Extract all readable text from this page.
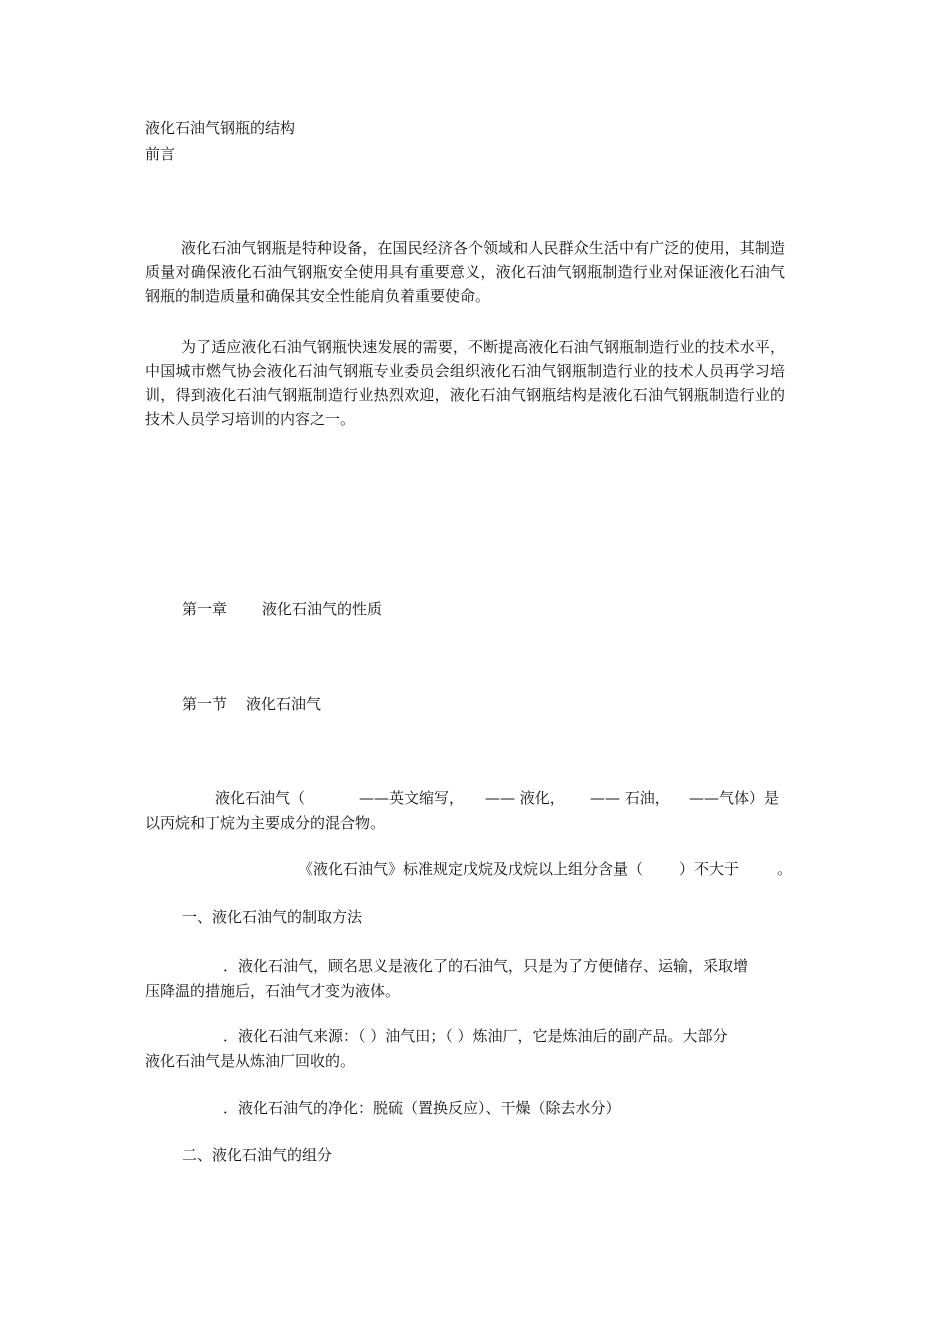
液化石油气钢瓶的结构
前言
液化石油气钢瓶是特种设备，在国民经济各个领域和人民群众生活中有广泛的使用，其制造质量对确保液化石油气钢瓶安全使用具有重要意义，液化石油气钢瓶制造行业对保证液化石油气钢瓶的制造质量和确保其安全性能肩负着重要使命。
为了适应液化石油气钢瓶快速发展的需要，不断提高液化石油气钢瓶制造行业的技术水平，中国城市燃气协会液化石油气钢瓶专业委员会组织液化石油气钢瓶制造行业的技术人员再学习培训，得到液化石油气钢瓶制造行业热烈欢迎，液化石油气钢瓶结构是液化石油气钢瓶制造行业的技术人员学习培训的内容之一。
第一章 液化石油气的性质
第一节 液化石油气
液化石油气（	——英文缩写， —— 液化， —— 石油， ——气体）是
以丙烷和丁烷为主要成分的混合物。
《液化石油气》标准规定戊烷及戊烷以上组分含量（ ）不大于	。
一、液化石油气的制取方法
．液化石油气，顾名思义是液化了的石油气，只是为了方便储存、运输，采取增
压降温的措施后，石油气才变为液体。
．液化石油气来源：（ ）油气田；（ ）炼油厂，它是炼油后的副产品。大部分
液化石油气是从炼油厂回收的。
．液化石油气的净化：脱硫（置换反应）、干燥（除去水分）
二、液化石油气的组分
